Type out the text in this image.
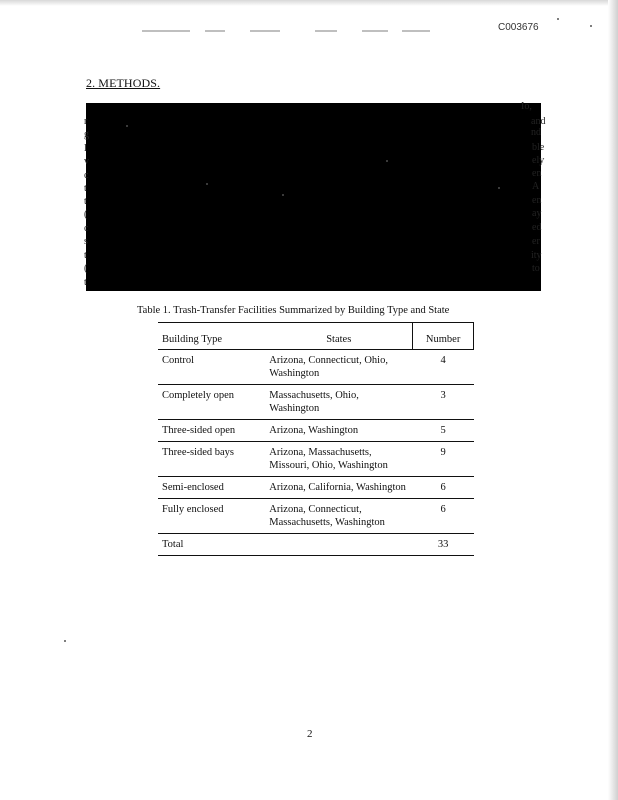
C003676
2. METHODS.
Io,
and
nd
ble
ely
en
A
en
ay
ed
er
ity
to
r
g
l
v
c
t
t
(
c
s
t
(
t
Table 1. Trash-Transfer Facilities Summarized by Building Type and State
Building Type	States	Number
Control	Arizona, Connecticut, Ohio, Washington	4
Completely open	Massachusetts, Ohio, Washington	3
Three-sided open	Arizona, Washington	5
Three-sided bays	Arizona, Massachusetts, Missouri, Ohio, Washington	9
Semi-enclosed	Arizona, California, Washington	6
Fully enclosed	Arizona, Connecticut, Massachusetts, Washington	6
Total		33
2
